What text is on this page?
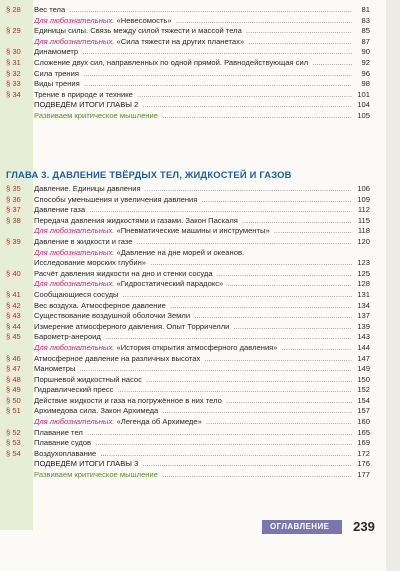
§ 28	Вес тела .....	81
Для любознательных. «Невесомость» .....	83
§ 29	Единицы силы. Связь между силой тяжести и массой тела .....	85
Для любознательных. «Сила тяжести на других планетах» .....	87
§ 30	Динамометр .....	90
§ 31	Сложение двух сил, направленных по одной прямой. Равнодействующая сил .....	92
§ 32	Сила трения .....	96
§ 33	Виды трения .....	98
§ 34	Трение в природе и технике .....	101
ПОДВЕДЁМ ИТОГИ ГЛАВЫ 2 .....	104
Развиваем критическое мышление .....	105
ГЛАВА 3. ДАВЛЕНИЕ ТВЁРДЫХ ТЕЛ, ЖИДКОСТЕЙ И ГАЗОВ
§ 35	Давление. Единицы давления .....	106
§ 36	Способы уменьшения и увеличения давления .....	109
§ 37	Давление газа .....	112
§ 38	Передача давления жидкостями и газами. Закон Паскаля .....	115
Для любознательных. «Пневматические машины и инструменты» .....	118
§ 39	Давление в жидкости и газе .....	120
Для любознательных. «Давление на дне морей и океанов.
Исследование морских глубин» .....	123
§ 40	Расчёт давления жидкости на дно и стенки сосуда .....	125
Для любознательных. «Гидростатический парадокс» .....	128
§ 41	Сообщающиеся сосуды .....	131
§ 42	Вес воздуха. Атмосферное давление .....	134
§ 43	Существование воздушной оболочки Земли .....	137
§ 44	Измерение атмосферного давления. Опыт Торричелли .....	139
§ 45	Барометр-анероид .....	143
Для любознательных. «История открытия атмосферного давления» .....	144
§ 46	Атмосферное давление на различных высотах .....	147
§ 47	Манометры .....	149
§ 48	Поршневой жидкостный насос .....	150
§ 49	Гидравлический пресс .....	152
§ 50	Действие жидкости и газа на погружённое в них тело .....	154
§ 51	Архимедова сила. Закон Архимеда .....	157
Для любознательных. «Легенда об Архимеде» .....	160
§ 52	Плавание тел .....	165
§ 53	Плавание судов .....	169
§ 54	Воздухоплавание .....	172
ПОДВЕДЁМ ИТОГИ ГЛАВЫ 3 .....	176
Развиваем критическое мышление .....	177
ОГЛАВЛЕНИЕ	239
